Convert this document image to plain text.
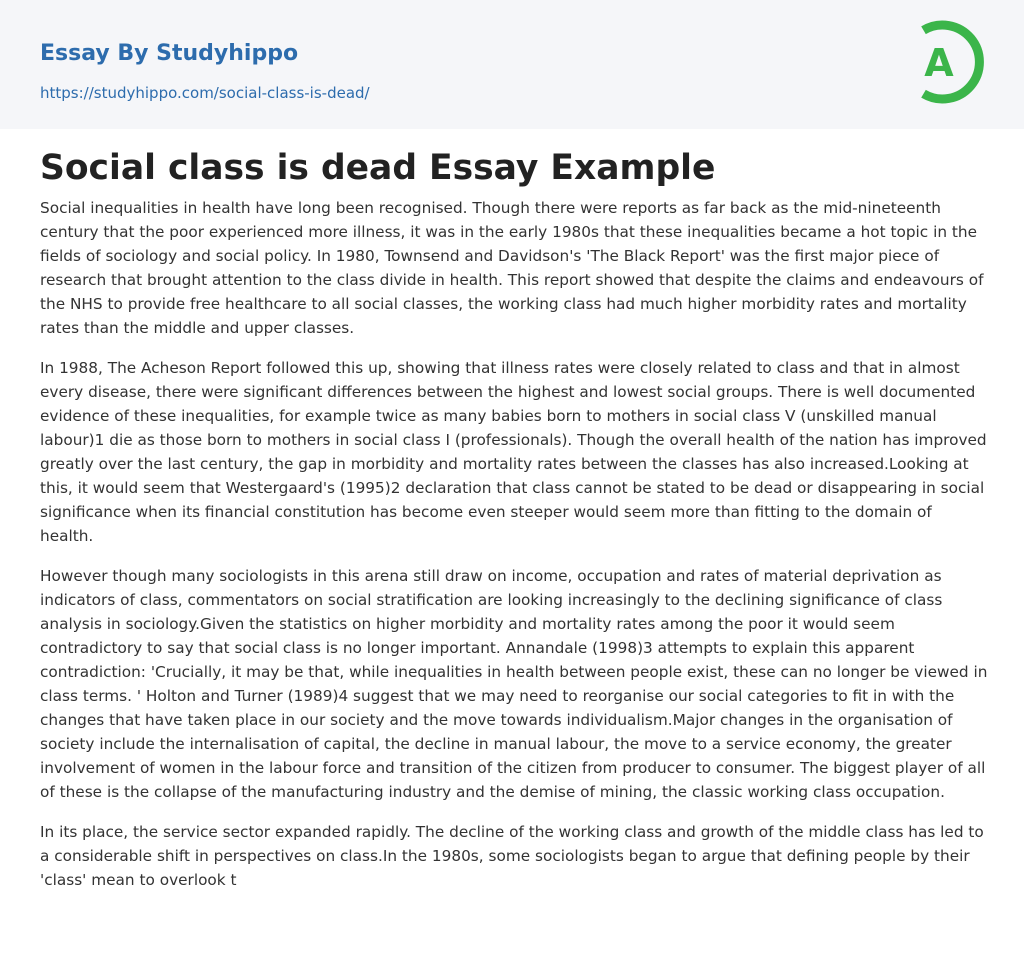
Essay By Studyhippo
https://studyhippo.com/social-class-is-dead/
A
Social class is dead Essay Example

Social inequalities in health have long been recognised. Though there were reports as far back as the mid-nineteenth century that the poor experienced more illness, it was in the early 1980s that these inequalities became a hot topic in the fields of sociology and social policy. In 1980, Townsend and Davidson's 'The Black Report' was the first major piece of research that brought attention to the class divide in health. This report showed that despite the claims and endeavours of the NHS to provide free healthcare to all social classes, the working class had much higher morbidity rates and mortality rates than the middle and upper classes.

In 1988, The Acheson Report followed this up, showing that illness rates were closely related to class and that in almost every disease, there were significant differences between the highest and lowest social groups. There is well documented evidence of these inequalities, for example twice as many babies born to mothers in social class V (unskilled manual labour)1 die as those born to mothers in social class I (professionals). Though the overall health of the nation has improved greatly over the last century, the gap in morbidity and mortality rates between the classes has also increased.Looking at this, it would seem that Westergaard's (1995)2 declaration that class cannot be stated to be dead or disappearing in social significance when its financial constitution has become even steeper would seem more than fitting to the domain of health.

However though many sociologists in this arena still draw on income, occupation and rates of material deprivation as indicators of class, commentators on social stratification are looking increasingly to the declining significance of class analysis in sociology.Given the statistics on higher morbidity and mortality rates among the poor it would seem contradictory to say that social class is no longer important. Annandale (1998)3 attempts to explain this apparent contradiction: 'Crucially, it may be that, while inequalities in health between people exist, these can no longer be viewed in class terms. ' Holton and Turner (1989)4 suggest that we may need to reorganise our social categories to fit in with the changes that have taken place in our society and the move towards individualism.Major changes in the organisation of society include the internalisation of capital, the decline in manual labour, the move to a service economy, the greater involvement of women in the labour force and transition of the citizen from producer to consumer. The biggest player of all of these is the collapse of the manufacturing industry and the demise of mining, the classic working class occupation.

In its place, the service sector expanded rapidly. The decline of the working class and growth of the middle class has led to a considerable shift in perspectives on class.In the 1980s, some sociologists began to argue that defining people by their 'class' mean to overlook t
